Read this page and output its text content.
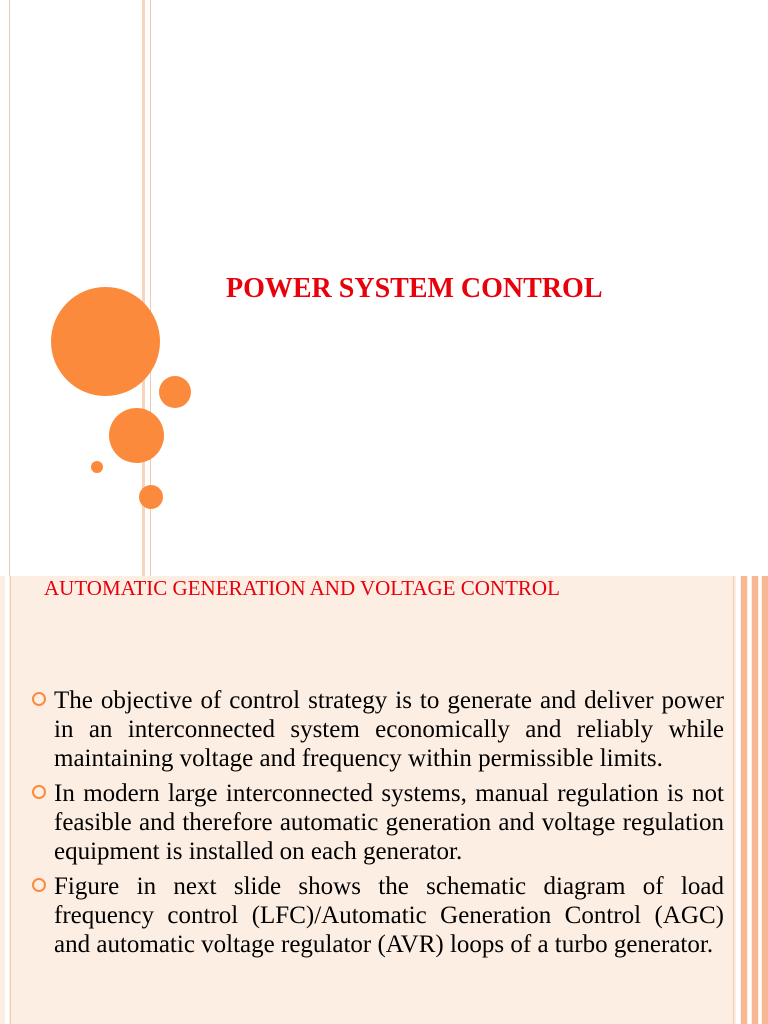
POWER SYSTEM CONTROL
AUTOMATIC GENERATION AND VOLTAGE CONTROL
The objective of control strategy is to generate and deliver power in an interconnected system economically and reliably while maintaining voltage and frequency within permissible limits.
In modern large interconnected systems, manual regulation is not feasible and therefore automatic generation and voltage regulation equipment is installed on each generator.
Figure in next slide shows the schematic diagram of load frequency control (LFC)/Automatic Generation Control (AGC) and automatic voltage regulator (AVR) loops of a turbo generator.
